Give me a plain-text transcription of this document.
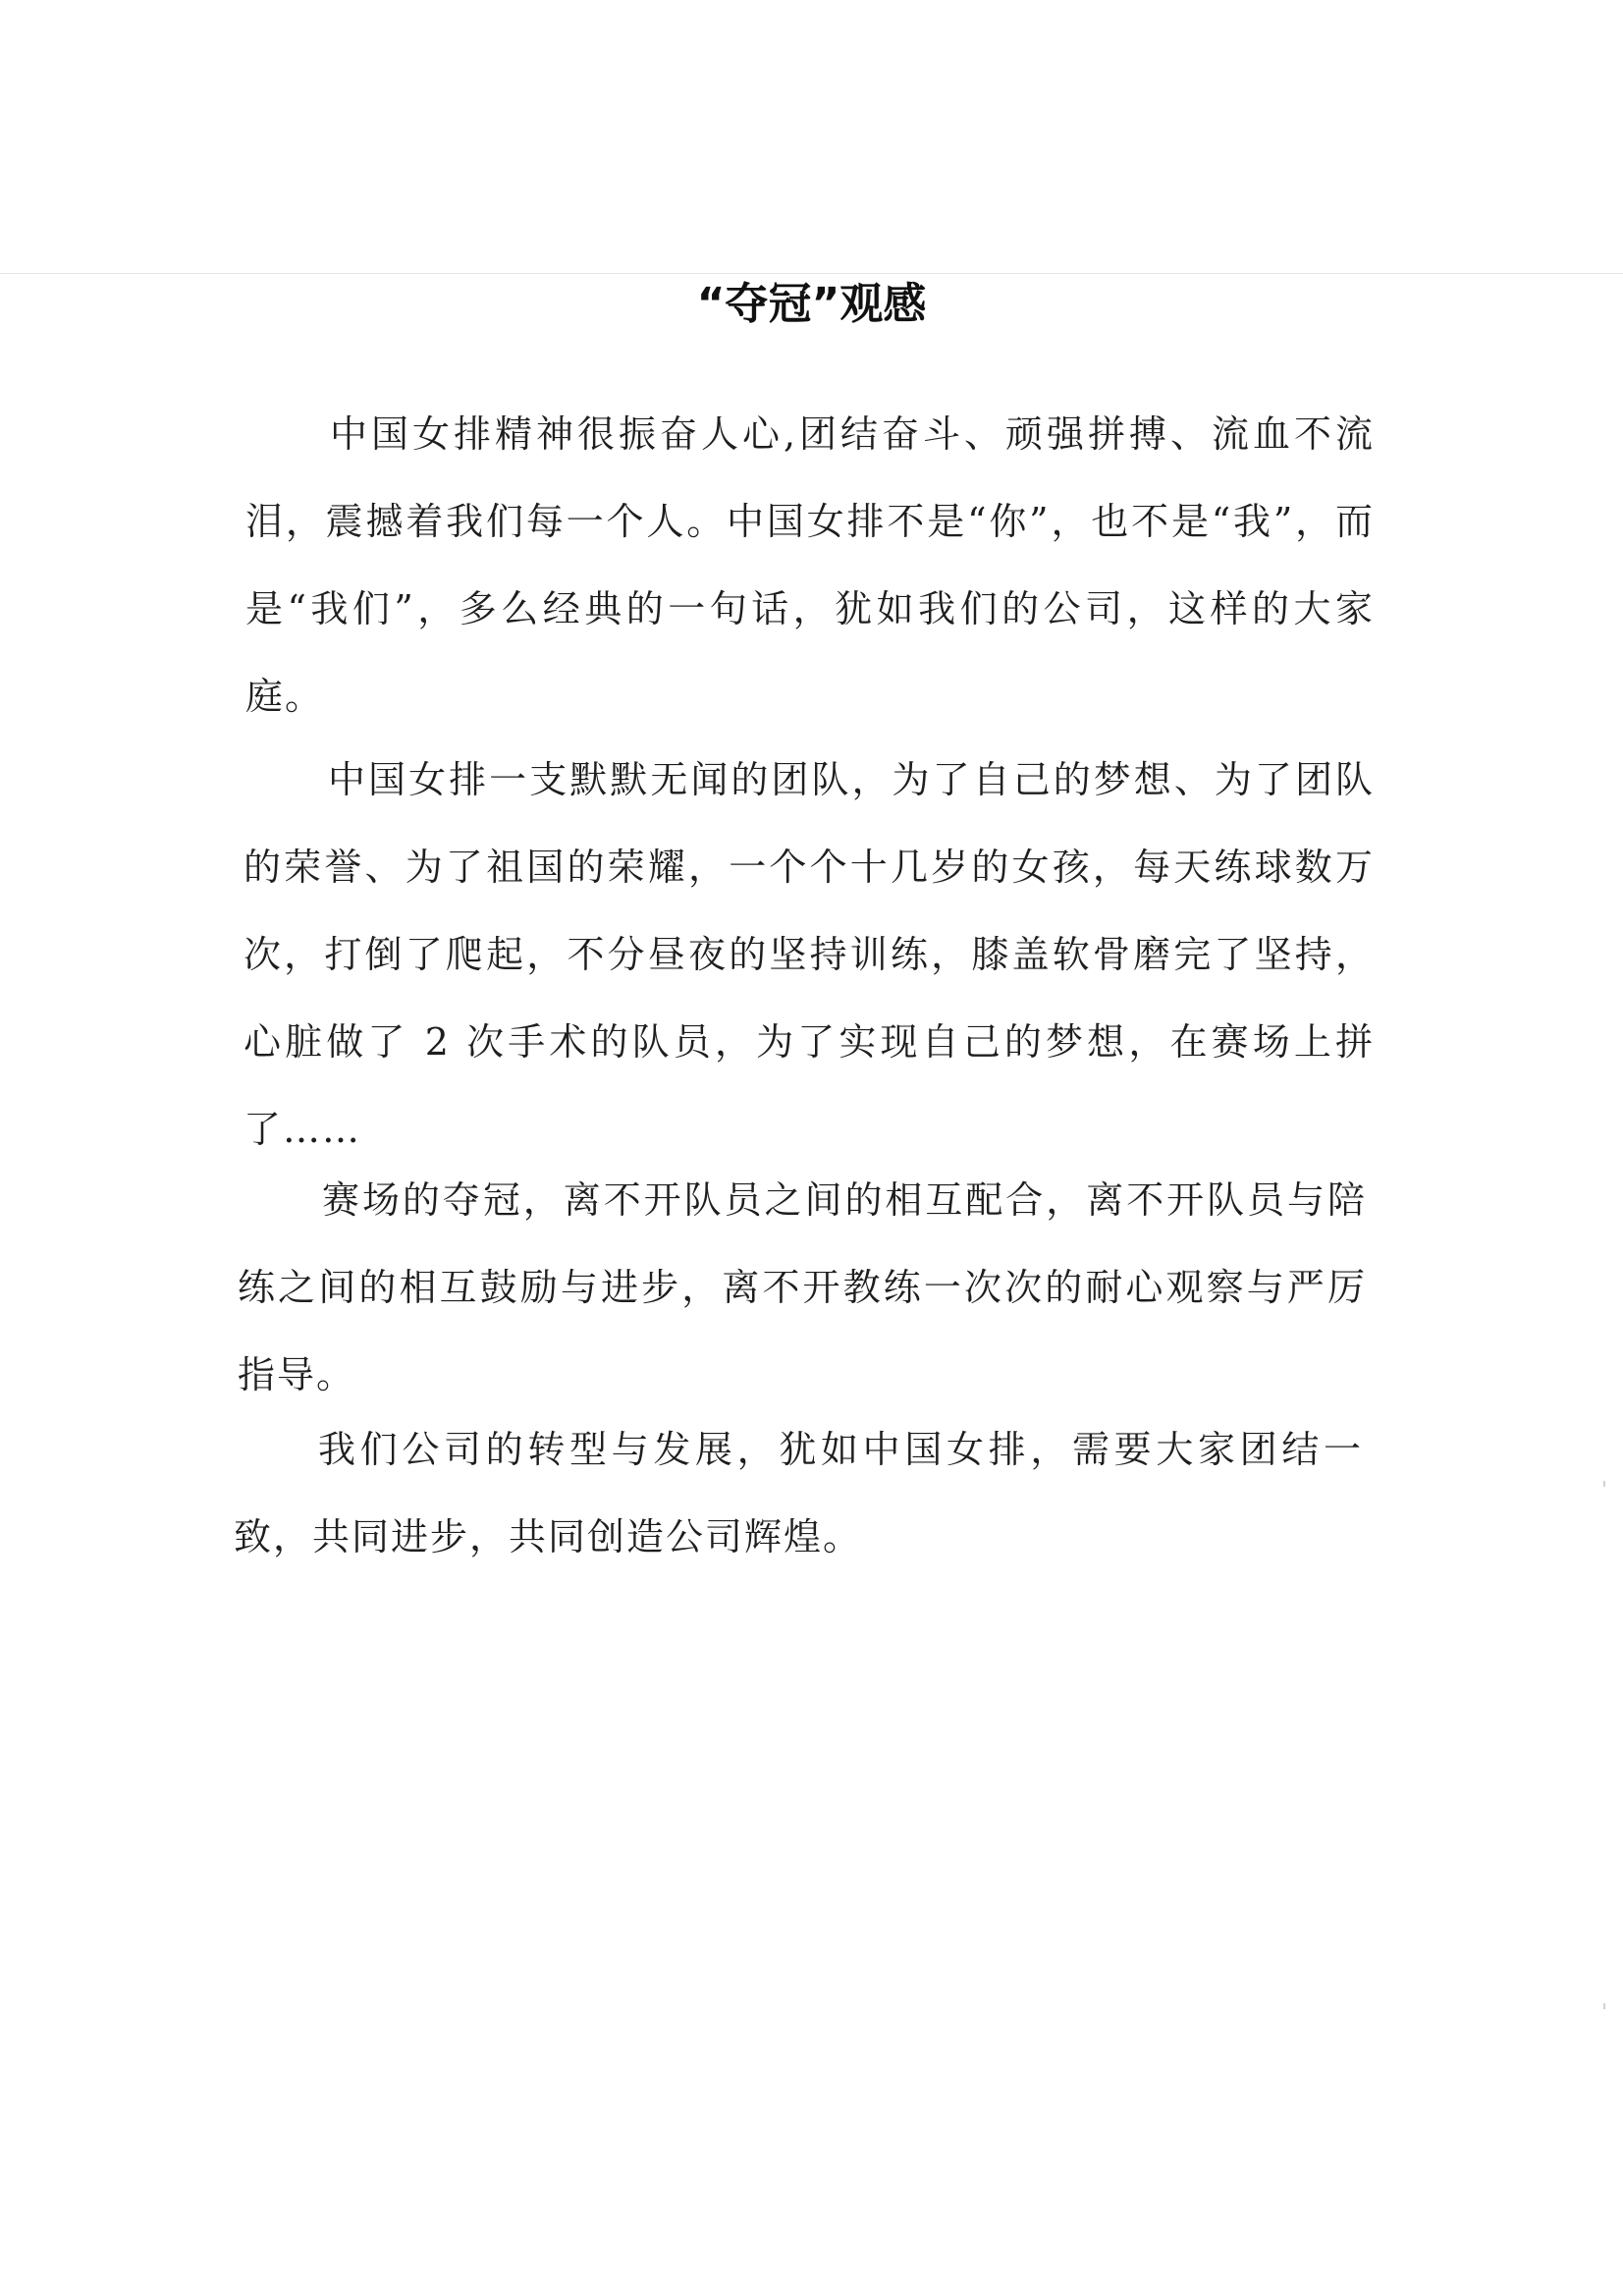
“夺冠”观感

中国女排精神很振奋人心,团结奋斗、顽强拼搏、流血不流泪，震撼着我们每一个人。中国女排不是“你”，也不是“我”，而是“我们”，多么经典的一句话，犹如我们的公司，这样的大家庭。

中国女排一支默默无闻的团队，为了自己的梦想、为了团队的荣誉、为了祖国的荣耀，一个个十几岁的女孩，每天练球数万次，打倒了爬起，不分昼夜的坚持训练，膝盖软骨磨完了坚持，心脏做了 2 次手术的队员，为了实现自己的梦想，在赛场上拼了……

赛场的夺冠，离不开队员之间的相互配合，离不开队员与陪练之间的相互鼓励与进步，离不开教练一次次的耐心观察与严厉指导。

我们公司的转型与发展，犹如中国女排，需要大家团结一致，共同进步，共同创造公司辉煌。
